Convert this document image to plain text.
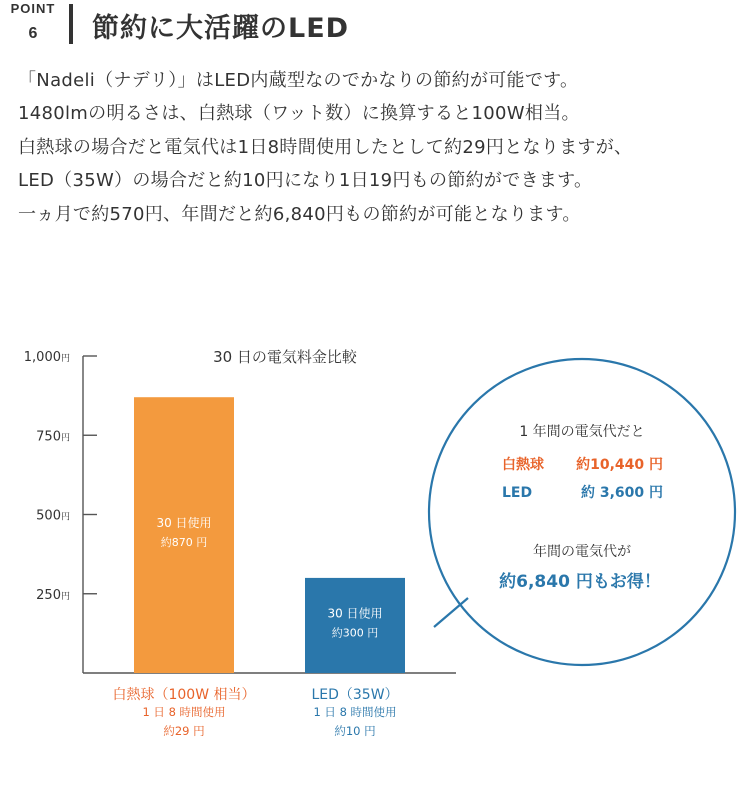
POINT
6	節約に大活躍のLED

「Nadeli（ナデリ）」はLED内蔵型なのでかなりの節約が可能です。

1480lmの明るさは、白熱球（ワット数）に換算すると100W相当。

白熱球の場合だと電気代は1日8時間使用したとして約29円となりますが、

LED（35W）の場合だと約10円になり1日19円もの節約ができます。

一ヵ月で約570円、年間だと約6,840円もの節約が可能となります。

250円
500円
750円
1,000円
30 日使用
約870 円
白熱球（100W 相当）
1 日 8 時間使用
約29 円
30 日使用
約300 円
LED（35W）
1 日 8 時間使用
約10 円
30 日の電気料金比較
1 年間の電気代だと
白熱球 約10,440 円
LED	約 3,600 円
年間の電気代が
約6,840 円もお得！
